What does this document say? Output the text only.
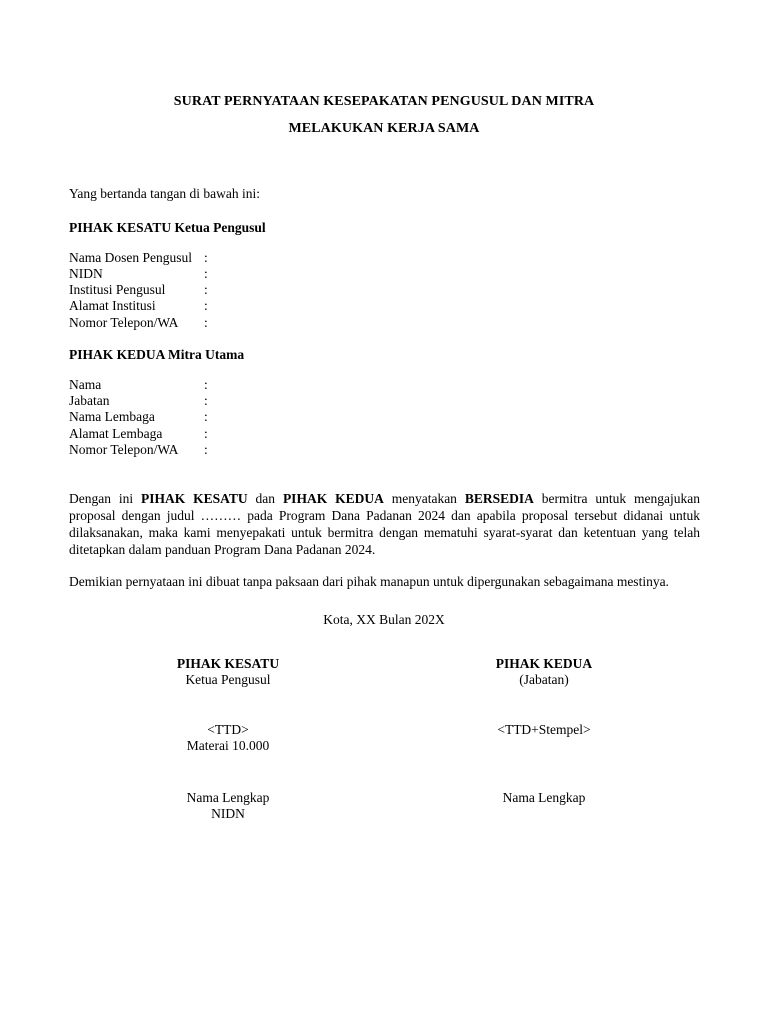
SURAT PERNYATAAN KESEPAKATAN PENGUSUL DAN MITRA
MELAKUKAN KERJA SAMA
Yang bertanda tangan di bawah ini:
PIHAK KESATU Ketua Pengusul
Nama Dosen Pengusul :
NIDN	:
Institusi Pengusul	:
Alamat Institusi	:
Nomor Telepon/WA :
PIHAK KEDUA Mitra Utama
Nama	:
Jabatan	:
Nama Lembaga	:
Alamat Lembaga	:
Nomor Telepon/WA :
Dengan ini PIHAK KESATU dan PIHAK KEDUA menyatakan BERSEDIA bermitra untuk mengajukan proposal dengan judul ……… pada Program Dana Padanan 2024 dan apabila proposal tersebut didanai untuk dilaksanakan, maka kami menyepakati untuk bermitra dengan mematuhi syarat-syarat dan ketentuan yang telah ditetapkan dalam panduan Program Dana Padanan 2024.
Demikian pernyataan ini dibuat tanpa paksaan dari pihak manapun untuk dipergunakan sebagaimana mestinya.
Kota, XX Bulan 202X
PIHAK KESATU
Ketua Pengusul
<TTD>
Materai 10.000
Nama Lengkap
NIDN
PIHAK KEDUA
(Jabatan)
<TTD+Stempel>
Nama Lengkap
